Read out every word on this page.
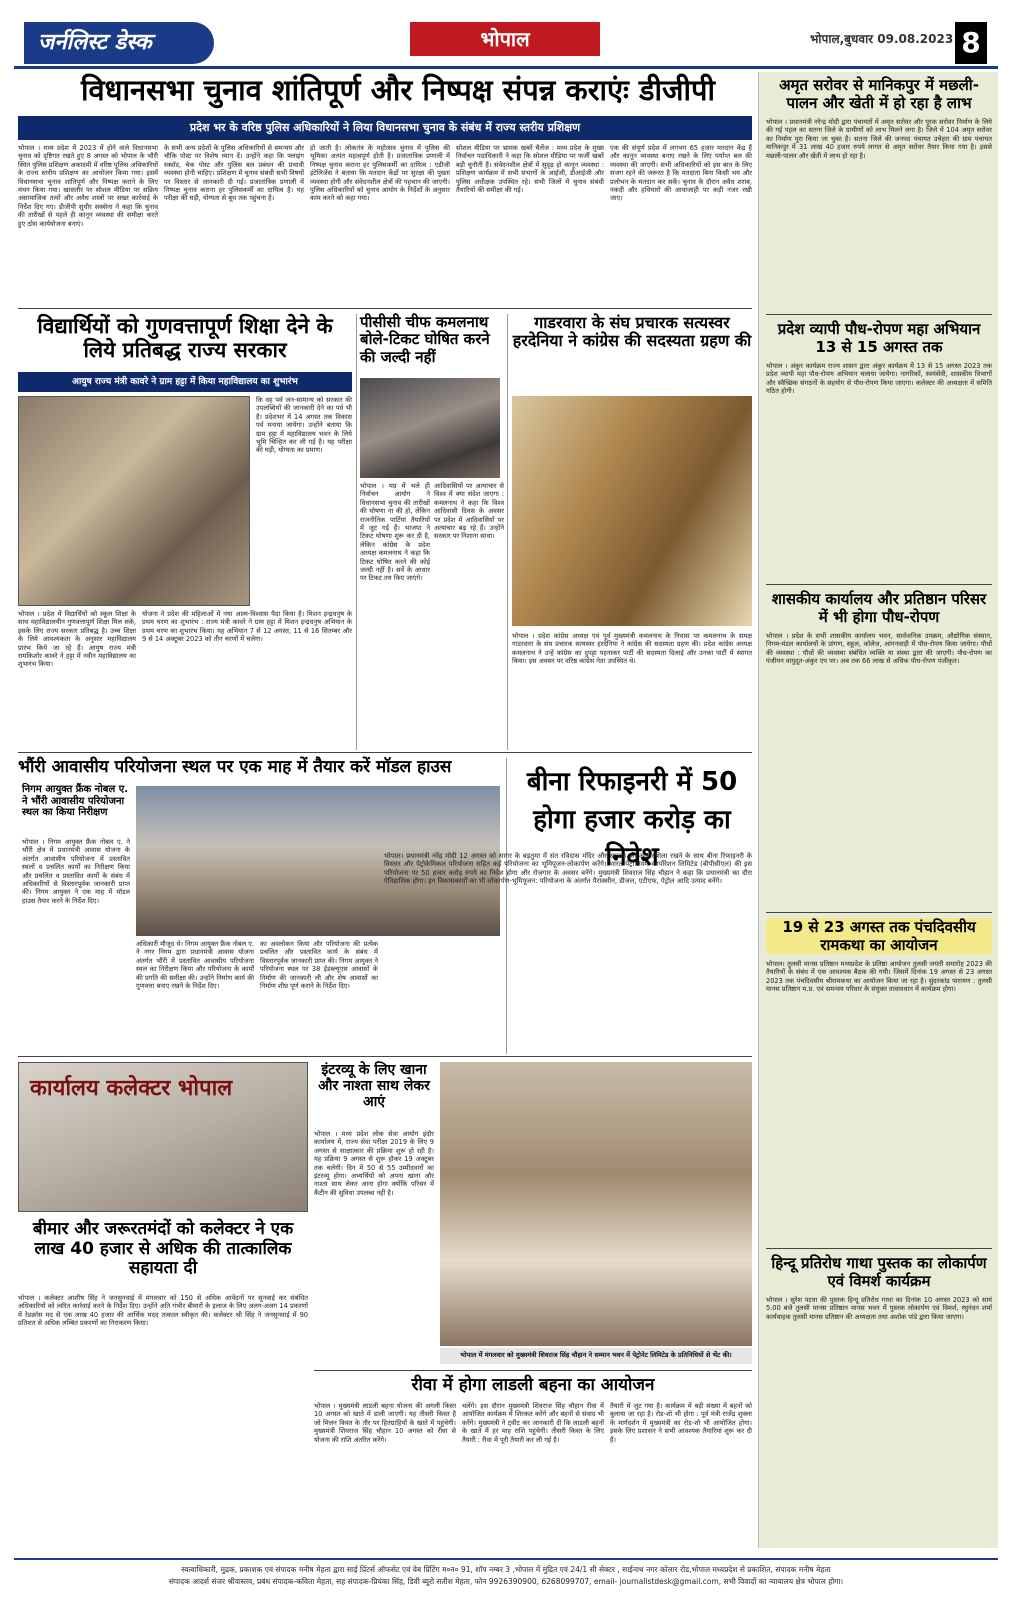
जर्नलिस्ट डेस्क	भोपाल	भोपाल,बुधवार 09.08.2023 8
विधानसभा चुनाव शांतिपूर्ण और निष्पक्ष संपन्न कराएंः डीजीपी
प्रदेश भर के वरिष्ठ पुलिस अधिकारियों ने लिया विधानसभा चुनाव के संबंध में राज्य स्तरीय प्रशिक्षण
भोपाल । मध्य प्रदेश में 2023 में होने वाले विधानसभा चुनाव को दृष्टिगत रखते हुए 8 अगस्त को भोपाल के भौरी स्थित पुलिस प्रशिक्षण अकादमी में वरिष्ठ पुलिस अधिकारियों के राज्य स्तरीय प्रशिक्षण का आयोजन किया गया। इसमें विधानसभा चुनाव शांतिपूर्ण और निष्पक्ष कराने के लिए मंथन किया गया। खासतौर पर सोशल मीडिया पर सक्रिय असामाजिक तत्वों और अवैध शस्त्रों पर सख्त कार्रवाई के निर्देश दिए गए। डीजीपी सुधीर सक्सेना ने कहा कि चुनाव की तारीखों से पहले ही कानून व्यवस्था की समीक्षा करते हुए ठोस कार्ययोजना बनाएं।
के सभी अन्य प्रदेशों के पुलिस अधिकारियों से समन्वय और चौकि पोस्ट पर विशेष ध्यान दें। उन्होंने कहा कि फ्लाइंग स्क्वॉड, चेक पोस्ट और पुलिस बल प्रबंधन की प्रभावी व्यवस्था होनी चाहिए। प्रशिक्षण में चुनाव संबंधी सभी विषयों पर विस्तार से जानकारी दी गई। प्रजातांत्रिक प्रणाली में निष्पक्ष चुनाव कराना हर पुलिसकर्मी का दायित्व है। यह परीक्षा की घड़ी, योग्यता से बूथ तक पहुंचना है।
हो जाती है। लोकतंत्र के महोत्सव चुनाव में पुलिस की भूमिका अत्यंत महत्वपूर्ण होती है। प्रजातांत्रिक प्रणाली में निष्पक्ष चुनाव कराना हर पुलिसकर्मी का दायित्व : एडीजी इंटेलिजेंस ने बताया कि मतदान केंद्रों पर सुरक्षा की पुख्ता व्यवस्था होगी और संवेदनशील क्षेत्रों की पहचान की जाएगी। पुलिस अधिकारियों को चुनाव आयोग के निर्देशों के अनुसार काम करने को कहा गया।
सोशल मीडिया पर भ्रामक खबरें चैलेंज : मध्य प्रदेश के मुख्य निर्वाचन पदाधिकारी ने कहा कि सोशल मीडिया पर फर्जी खबरें बड़ी चुनौती हैं। संवेदनशील क्षेत्रों में सुदृढ़ हो कानून व्यवस्था : प्रशिक्षण कार्यक्रम में सभी संभागों के आईजी, डीआईजी और पुलिस अधीक्षक उपस्थित रहे। सभी जिलों में चुनाव संबंधी तैयारियों की समीक्षा की गई।
एक की संपूर्ण प्रदेश में लगभग 65 हजार मतदान केंद्र हैं और कानून व्यवस्था बनाए रखने के लिए पर्याप्त बल की व्यवस्था की जाएगी। सभी अधिकारियों को इस बात के लिए सजग रहने की जरूरत है कि मतदाता बिना किसी भय और प्रलोभन के मतदान कर सकें। चुनाव के दौरान अवैध शराब, नकदी और हथियारों की आवाजाही पर कड़ी नजर रखी जाए।
विद्यार्थियों को गुणवत्तापूर्ण शिक्षा देने के लिये प्रतिबद्ध राज्य सरकार
आयुष राज्य मंत्री कावरे ने ग्राम हट्टा में किया महाविद्यालय का शुभारंभ
कि वह पर्व जन-सामान्य को सरकार की उपलब्धियों की जानकारी देने का पर्व भी है। प्रदेशभर में 14 अगस्त तक विकास पर्व मनाया जायेगा। उन्होंने बताया कि ग्राम हट्टा में महाविद्यालय भवन के लिये भूमि चिन्हित कर ली गई है। यह परीक्षा की घड़ी, योग्यता का प्रमाण।
भोपाल । प्रदेश में विद्यार्थियों को स्कूल शिक्षा के साथ महाविद्यालयीन गुणवत्तापूर्ण शिक्षा मिल सके, इसके लिए राज्य सरकार प्रतिबद्ध है। उच्च शिक्षा के लिये आवश्यकता के अनुसार महाविद्यालय प्रारंभ किये जा रहे हैं। आयुष राज्य मंत्री रामकिशोर कावरे ने हट्टा में नवीन महाविद्यालय का शुभारंभ किया।
योजना ने प्रदेश की महिलाओं में नया आत्म-विश्वास पैदा किया है। मिशन इन्द्रधनुष के प्रथम चरण का शुभारंभ : राज्य मंत्री कावरे ने ग्राम हट्टा में मिशन इन्द्रधनुष अभियान के प्रथम चरण का शुभारंभ किया। यह अभियान 7 से 12 अगस्त, 11 से 16 सितम्बर और 9 से 14 अक्टूबर 2023 को तीन चरणों में चलेगा।
पीसीसी चीफ कमलनाथ बोले-टिकट घोषित करने की जल्दी नहीं
भोपाल । मप्र में भले ही निर्वाचन आयोग ने विधानसभा चुनाव की तारीखों की घोषणा ना की हो, लेकिन राजनीतिक पार्टियां तैयारियों में जुट गई हैं। भाजपा ने टिकट घोषणा शुरू कर दी है, लेकिन कांग्रेस के प्रदेश अध्यक्ष कमलनाथ ने कहा कि टिकट घोषित करने की कोई जल्दी नहीं है। सर्वे के आधार पर टिकट तय किए जाएंगे।
आदिवासियों पर अत्याचार से विश्व में क्या संदेश जाएगा : कमलनाथ ने कहा कि विश्व आदिवासी दिवस के अवसर पर प्रदेश में आदिवासियों पर अत्याचार बढ़ रहे हैं। उन्होंने सरकार पर निशाना साधा।
गाडरवारा के संघ प्रचारक सत्यस्वर हरदेनिया ने कांग्रेस की सदस्यता ग्रहण की
भोपाल । प्रदेश कांग्रेस अध्यक्ष एवं पूर्व मुख्यमंत्री कमलनाथ के निवास पर कमलनाथ के समक्ष गाडरवारा के संघ प्रचारक सत्यस्वर हरदेनिया ने कांग्रेस की सदस्यता ग्रहण की। प्रदेश कांग्रेस अध्यक्ष कमलनाथ ने उन्हें कांग्रेस का दुपट्टा पहनाकर पार्टी की सदस्यता दिलाई और उनका पार्टी में स्वागत किया। इस अवसर पर वरिष्ठ कांग्रेस नेता उपस्थित थे।
भौंरी आवासीय परियोजना स्थल पर एक माह में तैयार करें मॉडल हाउस
निगम आयुक्त फ्रैंक नोबल ए. ने भौंरी आवासीय परियोजना स्थल का किया निरीक्षण
भोपाल । निगम आयुक्त फ्रैंक नोबल ए. ने भौंरी क्षेत्र में प्रधानमंत्री आवास योजना के अंतर्गत आवासीय परियोजना में प्रस्तावित स्थलों व प्रचलित कार्यों का निरीक्षण किया और प्रचलित व प्रस्तावित कार्यों के संबंध में अधिकारियों से विस्तारपूर्वक जानकारी प्राप्त की। निगम आयुक्त ने एक माह में मॉडल हाउस तैयार करने के निर्देश दिए।
अधिकारी मौजूद थे। निगम आयुक्त फ्रैंक नोबल ए. ने नगर निगम द्वारा प्रधानमंत्री आवास योजना अंतर्गत भौंरी में प्रस्तावित आवासीय परियोजना स्थल का निरीक्षण किया और परियोजना के कार्यों की प्रगति की समीक्षा की। उन्होंने निर्माण कार्य की गुणवत्ता बनाए रखने के निर्देश दिए।
का अवलोकन किया और परियोजना की प्रत्येक प्रचलित और प्रस्तावित कार्य के संबंध में विस्तारपूर्वक जानकारी प्राप्त की। निगम आयुक्त ने परियोजना स्थल पर 38 ईडब्ल्यूएस आवासों के निर्माण की जानकारी ली और शेष आवासों का निर्माण शीघ्र पूर्ण कराने के निर्देश दिए।
बीना रिफाइनरी में 50 होगा हजार करोड़ का निवेश
भोपाल। प्रधानमंत्री नरेंद्र मोदी 12 अगस्त को सागर के बड़तुमा में संत रविदास मंदिर और स्मारक की आधारशिला रखने के साथ बीना रिफाइनरी के विस्तार और पेट्रोकेमिकल परियोजना सहित कई परियोजना का भूमिपूजन-लोकार्पण करेंगे। भारत पेट्रोलियम कार्पोरेशन लिमिटेड (बीपीसीएल) की इस परियोजना पर 50 हजार करोड़ रुपये का निवेश होगा और रोजगार के अवसर बनेंगे। मुख्यमंत्री शिवराज सिंह चौहान ने कहा कि प्रधानमंत्री का दौरा ऐतिहासिक होगा। इन विकासकार्यों का भी लोकार्पण-भूमिपूजन: परियोजना के अंतर्गत पैराक्सीन, डीजल, एटीएफ, पेट्रोल आदि उत्पाद बनेंगे।
कार्यालय कलेक्टर भोपाल
बीमार और जरूरतमंदों को कलेक्टर ने एक लाख 40 हजार से अधिक की तात्कालिक सहायता दी
भोपाल । कलेक्टर आशीष सिंह ने जनसुनवाई में मंगलवार को 150 से अधिक आवेदनों पर सुनवाई कर संबंधित अधिकारियों को त्वरित कार्रवाई करने के निर्देश दिए। उन्होंने अति गंभीर बीमारों के इलाज के लिए अलग-अलग 14 प्रकरणों में रेडक्रॉस मद से एक लाख 40 हजार की आर्थिक मदद तत्काल स्वीकृत की। कलेक्टर श्री सिंह ने जनसुनवाई में 90 प्रतिशत से अधिक लम्बित प्रकरणों का निराकरण किया।
इंटरव्यू के लिए खाना और नाश्ता साथ लेकर आएं
भोपाल । मध्य प्रदेश लोक सेवा आयोग इंदौर कार्यालय में, राज्य सेवा परीक्षा 2019 के लिए 9 अगस्त से साक्षात्कार की प्रक्रिया शुरू हो रही है। यह प्रक्रिया 9 अगस्त से शुरू होकर 19 अक्टूबर तक चलेगी। दिन में 50 से 55 उम्मीदवारों का इंटरव्यू होगा। अभ्यर्थियों को अपना खाना और नाश्ता साथ लेकर आना होगा क्योंकि परिसर में कैंटीन की सुविधा उपलब्ध नहीं है।
भोपाल में मंगलवार को मुख्यमंत्री शिवराज सिंह चौहान ने सम्मान भवन में पेट्रोनेट लिमिटेड के प्रतिनिधियों से भेंट की।
रीवा में होगा लाडली बहना का आयोजन
भोपाल । मुख्यमंत्री लाडली बहना योजना की अगली किस्त 10 अगस्त को खाते में डाली जाएगी। यह तीसरी किस्त है जो मिलन किस्त के तौर पर हितग्राहियों के खाते में पहुंचेगी। मुख्यमंत्री शिवराज सिंह चौहान 10 अगस्त को रीवा से योजना की राशि अंतरित करेंगे।
चलेंगे। इस दौरान मुख्यमंत्री शिवराज सिंह चौहान रीवा में आयोजित कार्यक्रम में शिरकत करेंगे और बहनों से संवाद भी करेंगे। मुख्यमंत्री ने ट्वीट कर जानकारी दी कि लाडली बहनों के खाते में हर माह राशि पहुंचेगी। तीसरी किस्त के लिए तैयारी : रीवा में पूरी तैयारी कर ली गई है।
तैयारी में जुट गया है। कार्यक्रम में बड़ी संख्या में बहनों को बुलाया जा रहा है। रोड-शो भी होगा : पूर्व मंत्री राजेंद्र शुक्ला के मार्गदर्शन में मुख्यमंत्री का रोड-शो भी आयोजित होगा। इसके लिए प्रशासन ने सभी आवश्यक तैयारियां शुरू कर दी हैं।
अमृत सरोवर से मानिकपुर में मछली-पालन और खेती में हो रहा है लाभ
भोपाल । प्रधानमंत्री नरेन्द्र मोदी द्वारा पंचायतों में अमृत सरोवर और पूरक सरोवर निर्माण के लिये की गई पहल का सतना जिले के ग्रामीणों को लाभ मिलने लगा है। जिले में 104 अमृत सरोवर का निर्माण पूरा किया जा चुका है। सतना जिले की जनपद पंचायत उचेहरा की ग्राम पंचायत मानिकपुर में 31 लाख 40 हजार रुपये लागत से अमृत सरोवर तैयार किया गया है। इससे मछली-पालन और खेती में लाभ हो रहा है।
प्रदेश व्यापी पौध-रोपण महा अभियान 13 से 15 अगस्त तक
भोपाल । अंकुर कार्यक्रम राज्य शासन द्वारा अंकुर कार्यक्रम में 13 से 15 अगस्त 2023 तक प्रदेश व्यापी महा पौध-रोपण अभियान चलाया जायेगा। नागरिकों, स्वयंसेवी, शासकीय विभागों और स्वैच्छिक संगठनों के सहयोग से पौध-रोपण किया जाएगा। कलेक्टर की अध्यक्षता में समिति गठित होगी।
शासकीय कार्यालय और प्रतिष्ठान परिसर में भी होगा पौध-रोपण
भोपाल । प्रदेश के सभी शासकीय कार्यालय भवन, सार्वजनिक उपक्रम, औद्योगिक संस्थान, निगम-मंडल कार्यालयों के प्रांगण, स्कूल, कॉलेज, आंगनवाड़ी में पौध-रोपण किया जायेगा। पौधों की व्यवस्था : पौधों की व्यवस्था संबंधित व्यक्ति या संस्था द्वारा की जाएगी। पौध-रोपण का पंजीयन वायुदूत-अंकुर एप पर। अब तक 66 लाख से अधिक पौध-रोपण पंजीकृत।
19 से 23 अगस्त तक पंचदिवसीय रामकथा का आयोजन
भोपाल। तुलसी मानस प्रतिष्ठान मध्यप्रदेश के प्रतिष्ठा आयोजन तुलसी जयंती समारोह 2023 की तैयारियों के संबंध में एक आवश्यक बैठक की गयी। जिसमें दिनांक 19 अगस्त से 23 अगस्त 2023 तक पंचदिवसीय श्रीरामकथा का आयोजन किया जा रहा है। सुंदरकांड पारायण : तुलसी मानस प्रतिष्ठान म.प्र. एवं समन्वय परिवार के संयुक्त तत्वावधान में कार्यक्रम होगा।
हिन्दू प्रतिरोध गाथा पुस्तक का लोकार्पण एवं विमर्श कार्यक्रम
भोपाल । सुरेश पटवा की पुस्तक हिन्दू प्रतिरोध गाथा का दिनांक 10 अगस्त 2023 को सायं 5.00 बजे तुलसी मानस प्रतिष्ठान मानस भवन में पुस्तक लोकार्पण एवं विमर्श, रघुनंदन शर्मा कार्यवाहक तुलसी मानस प्रतिष्ठान की अध्यक्षता तथा अशोक पांडे द्वारा किया जाएगा।
स्वत्वाधिकारी, मुद्रक, प्रकाशक एवं संपादक मनीष मेहता द्वारा साई प्रिंटर्स ऑफसेट एवं वेब प्रिंटिंग म०न० 91, शॉप नम्बर 3 ,भोपाल में मुद्रित एवं 24/1 सी सेक्टर , साईनाथ नगर कोलार रोड,भोपाल मध्यप्रदेश से प्रकाशित, संपादक मनीष मेहता
संपादक आदर्श संजर श्रीवास्तव, प्रबंध संपादक-कविता मेहता, सह संपादक-प्रियंका सिंह, डिवी ब्यूरो सतीश मेहता, फोन 9926390900, 6268099707, email- journalistdesk@gmail.com, सभी विवादों का न्यायालय क्षेत्र भोपाल होगा।
